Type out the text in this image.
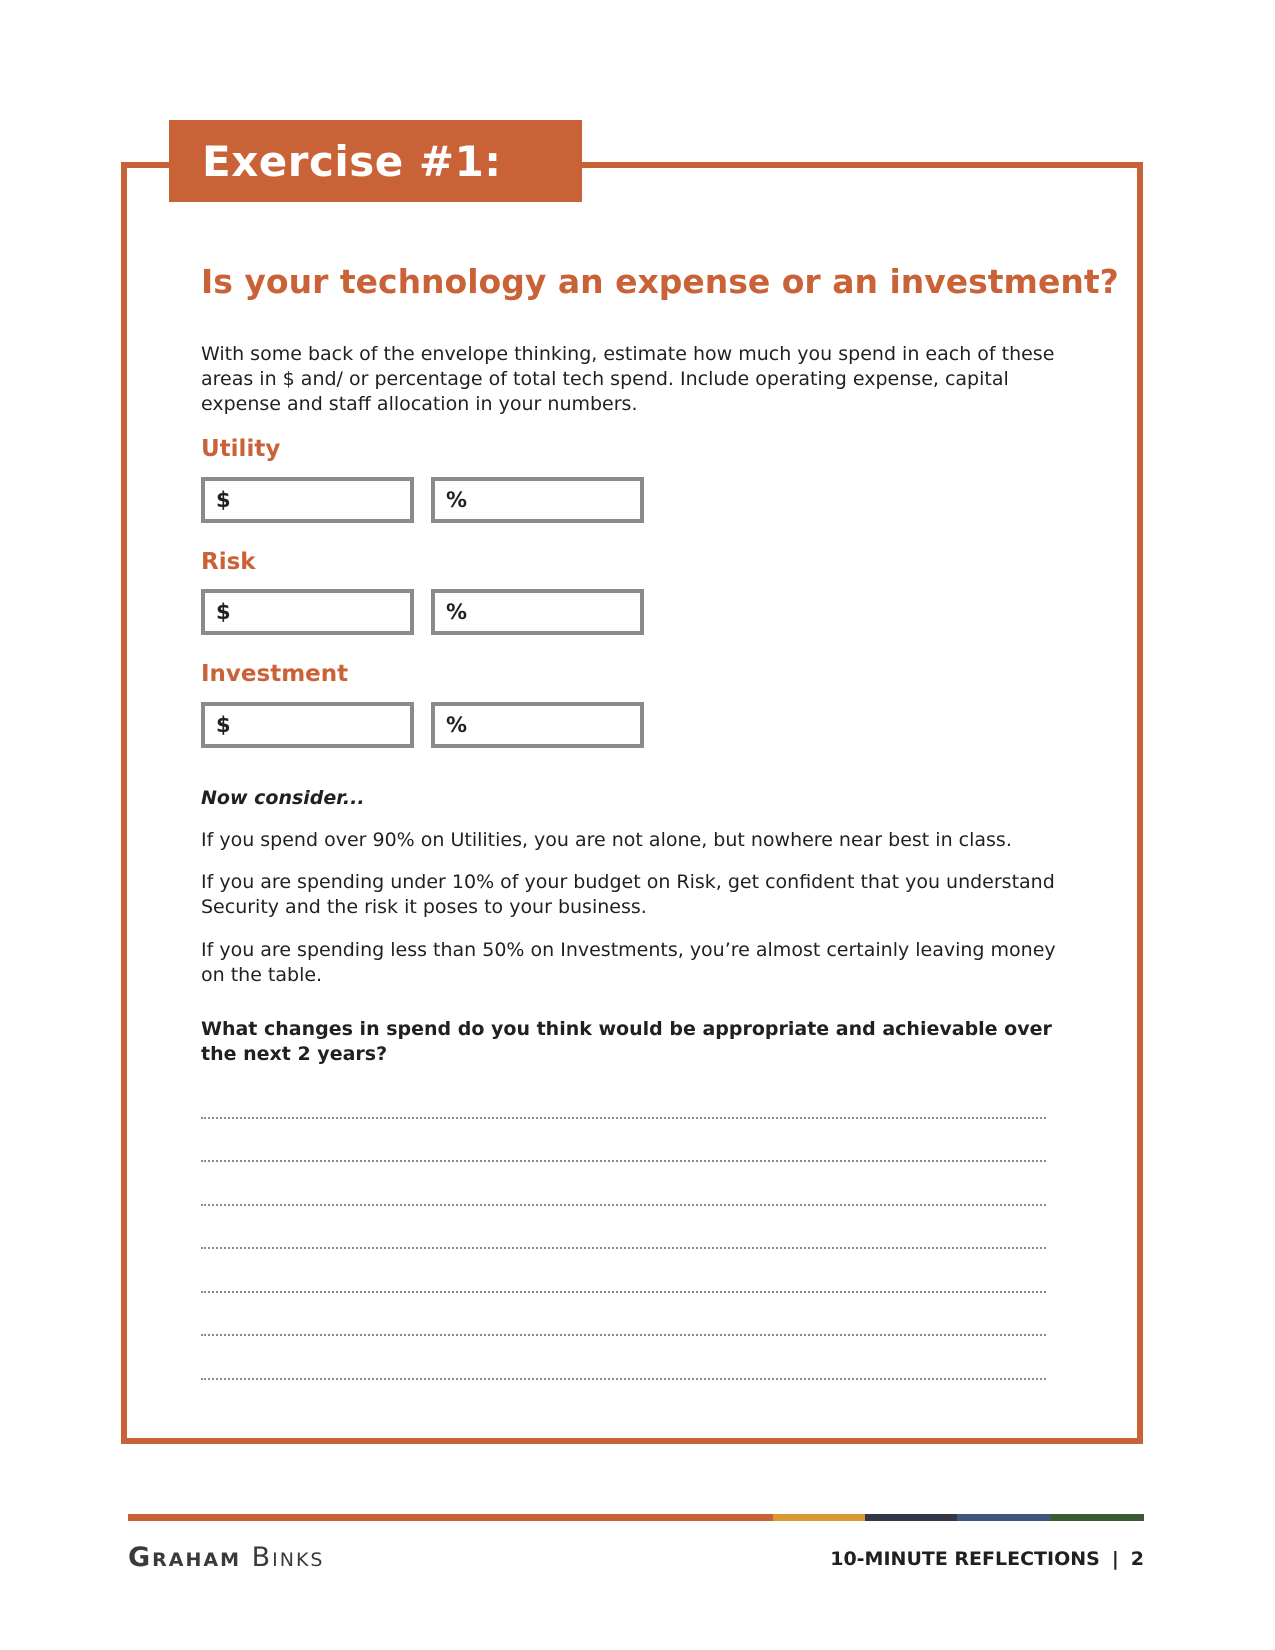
Exercise #1:
Is your technology an expense or an investment?

With some back of the envelope thinking, estimate how much you spend in each of these areas in $ and/ or percentage of total tech spend. Include operating expense, capital expense and staff allocation in your numbers.

Utility
$	%
Risk
$	%
Investment
$	%

Now consider...

If you spend over 90% on Utilities, you are not alone, but nowhere near best in class.

If you are spending under 10% of your budget on Risk, get confident that you understand Security and the risk it poses to your business.

If you are spending less than 50% on Investments, you’re almost certainly leaving money on the table.

What changes in spend do you think would be appropriate and achievable over the next 2 years?

Graham Binks	10-MINUTE REFLECTIONS | 2
